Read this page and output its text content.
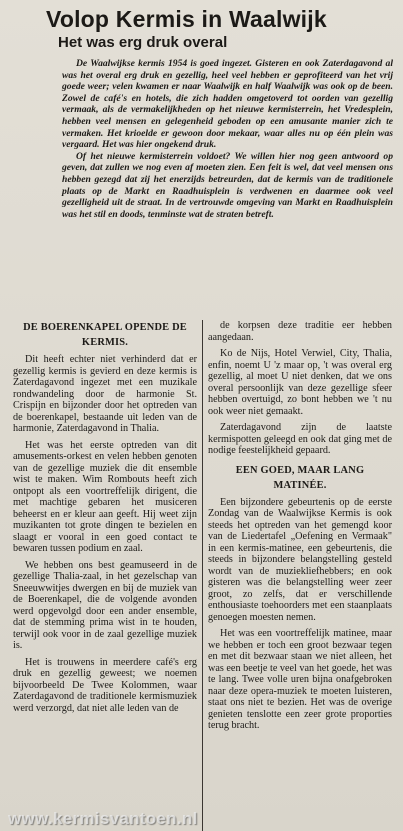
Volop Kermis in Waalwijk
Het was erg druk overal

De Waalwijkse kermis 1954 is goed ingezet. Gisteren en ook Zaterdagavond al was het overal erg druk en gezellig, heel veel hebben er geprofiteerd van het vrij goede weer; velen kwamen er naar Waalwijk en half Waalwijk was ook op de been. Zowel de café's en hotels, die zich hadden omgetoverd tot oorden van gezellig vermaak, als de vermakelijkheden op het nieuwe kermisterrein, het Vredesplein, hebben veel mensen en gelegenheid geboden op een amusante manier zich te vermaken. Het krioelde er gewoon door mekaar, waar alles nu op één plein was vergaard. Het was hier ongekend druk.

Of het nieuwe kermisterrein voldoet? We willen hier nog geen antwoord op geven, dat zullen we nog even af moeten zien. Een feit is wel, dat veel mensen ons hebben gezegd dat zij het enerzijds betreurden, dat de kermis van de traditionele plaats op de Markt en Raadhuisplein is verdwenen en daarmee ook veel gezelligheid uit de straat. In de vertrouwde omgeving van Markt en Raadhuisplein was het stil en doods, tenminste wat de straten betreft.

DE BOERENKAPEL OPENDE DE KERMIS.

Dit heeft echter niet verhinderd dat er gezellig kermis is gevierd en deze kermis is Zaterdagavond ingezet met een muzikale rondwandeling door de harmonie St. Crispijn en bijzonder door het optreden van de boerenkapel, bestaande uit leden van de harmonie, Zaterdagavond in Thalia.

Het was het eerste optreden van dit amusements-orkest en velen hebben genoten van de gezellige muziek die dit ensemble wist te maken. Wim Rombouts heeft zich ontpopt als een voortreffelijk dirigent, die met machtige gebaren het musiceren beheerst en er kleur aan geeft. Hij weet zijn muzikanten tot grote dingen te bezielen en slaagt er vooral in een goed contact te bewaren tussen podium en zaal.

We hebben ons best geamuseerd in de gezellige Thalia-zaal, in het gezelschap van Sneeuwwitjes dwergen en bij de muziek van de Boerenkapel, die de volgende avonden werd opgevolgd door een ander ensemble, dat de stemming prima wist in te houden, terwijl ook voor in de zaal gezellige muziek is.

Het is trouwens in meerdere café's erg druk en gezellig geweest; we noemen bijvoorbeeld De Twee Kolommen, waar Zaterdagavond de traditionele kermismuziek werd verzorgd, dat niet alle leden van de

de korpsen deze traditie eer hebben aangedaan.

Ko de Nijs, Hotel Verwiel, City, Thalia, enfin, noemt U 'z maar op, 't was overal erg gezellig, al moet U niet denken, dat we ons overal persoonlijk van deze gezellige sfeer hebben overtuigd, zo bont hebben we 't nu ook weer niet gemaakt.

Zaterdagavond zijn de laatste kermispotten geleegd en ook dat ging met de nodige feestelijkheid gepaard.

EEN GOED, MAAR LANG MATINÉE.

Een bijzondere gebeurtenis op de eerste Zondag van de Waalwijkse Kermis is ook steeds het optreden van het gemengd koor van de Liedertafel „Oefening en Vermaak" in een kermis-matinee, een gebeurtenis, die steeds in bijzondere belangstelling gesteld wordt van de muziekliefhebbers; en ook gisteren was die belangstelling weer zeer groot, zo zelfs, dat er verschillende enthousiaste toehoorders met een staanplaats genoegen moesten nemen.

Het was een voortreffelijk matinee, maar we hebben er toch een groot bezwaar tegen en met dit bezwaar staan we niet alleen, het was een beetje te veel van het goede, het was te lang. Twee volle uren bijna onafgebroken naar deze opera-muziek te moeten luisteren, staat ons niet te bezien. Het was de overige genieten tenslotte een zeer grote proporties terug bracht.

www.kermisvantoen.nl
